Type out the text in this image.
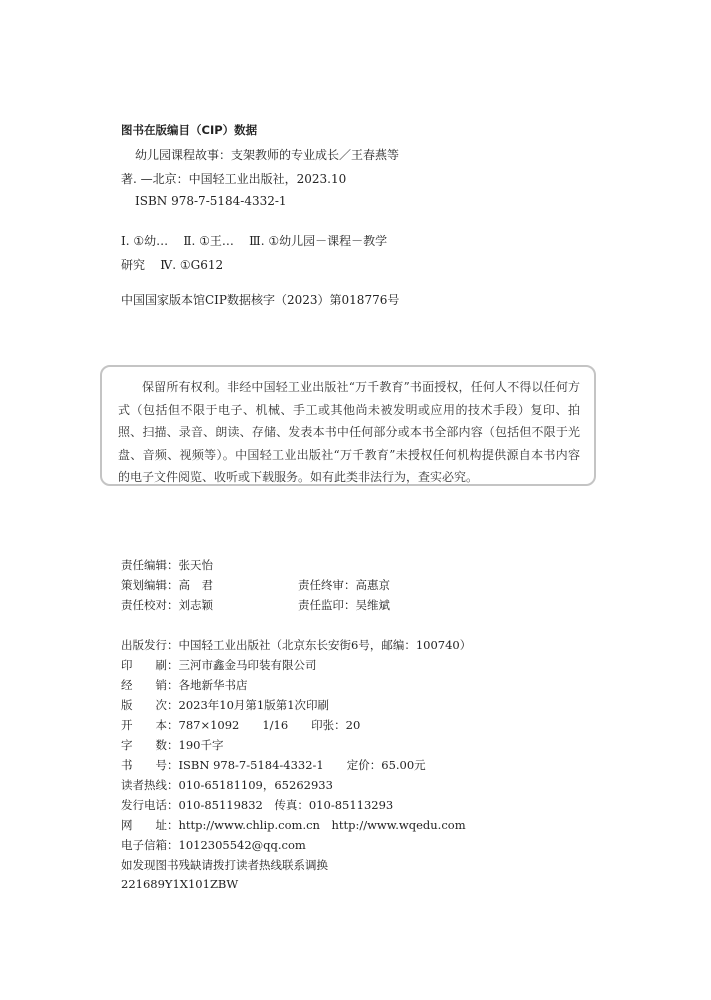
图书在版编目（CIP）数据
幼儿园课程故事：支架教师的专业成长／王春燕等
著. —北京：中国轻工业出版社，2023.10
ISBN 978-7-5184-4332-1
Ⅰ. ①幼…    Ⅱ. ①王…    Ⅲ. ①幼儿园－课程－教学
研究    Ⅳ. ①G612
中国国家版本馆CIP数据核字（2023）第018776号
保留所有权利。非经中国轻工业出版社“万千教育”书面授权，任何人不得以任何方式（包括但不限于电子、机械、手工或其他尚未被发明或应用的技术手段）复印、拍照、扫描、录音、朗读、存储、发表本书中任何部分或本书全部内容（包括但不限于光盘、音频、视频等）。中国轻工业出版社“万千教育”未授权任何机构提供源自本书内容的电子文件阅览、收听或下载服务。如有此类非法行为，查实必究。
责任编辑：张天怡
策划编辑：高　君	责任终审：高惠京
责任校对：刘志颖	责任监印：吴维斌
出版发行：中国轻工业出版社（北京东长安街6号，邮编：100740）
印　　刷：三河市鑫金马印装有限公司
经　　销：各地新华书店
版　　次：2023年10月第1版第1次印刷
开　　本：787×1092　　1/16　　印张：20
字　　数：190千字
书　　号：ISBN 978-7-5184-4332-1　　定价：65.00元
读者热线：010-65181109，65262933
发行电话：010-85119832　传真：010-85113293
网　　址：http://www.chlip.com.cn　http://www.wqedu.com
电子信箱：1012305542@qq.com
如发现图书残缺请拨打读者热线联系调换
221689Y1X101ZBW
